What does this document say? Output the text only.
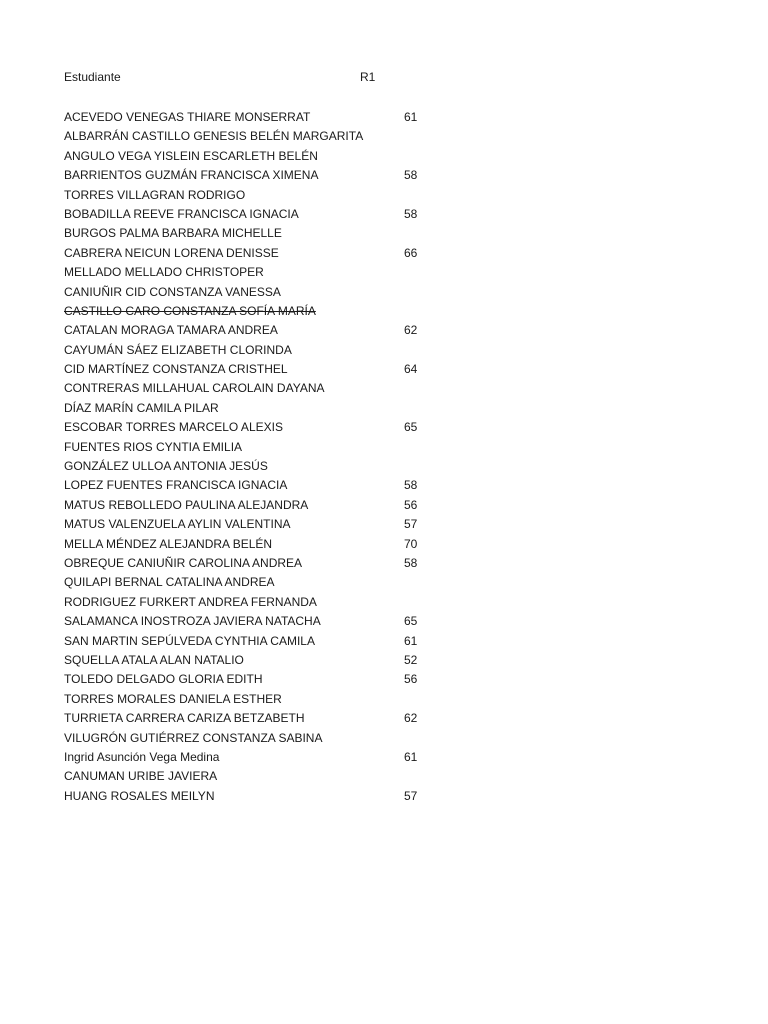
Estudiante	R1
ACEVEDO VENEGAS THIARE MONSERRAT	61
ALBARRÁN CASTILLO GENESIS BELÉN MARGARITA
ANGULO VEGA YISLEIN ESCARLETH BELÉN
BARRIENTOS GUZMÁN FRANCISCA XIMENA	58
TORRES VILLAGRAN RODRIGO
BOBADILLA REEVE FRANCISCA IGNACIA	58
BURGOS PALMA BARBARA MICHELLE
CABRERA NEICUN LORENA DENISSE	66
MELLADO MELLADO CHRISTOPER
CANIUÑIR CID CONSTANZA VANESSA
CASTILLO CARO CONSTANZA SOFÍA MARÍA
CATALAN MORAGA TAMARA ANDREA	62
CAYUMÁN SÁEZ ELIZABETH CLORINDA
CID MARTÍNEZ CONSTANZA CRISTHEL	64
CONTRERAS MILLAHUAL CAROLAIN DAYANA
DÍAZ MARÍN CAMILA PILAR
ESCOBAR TORRES MARCELO ALEXIS	65
FUENTES RIOS CYNTIA EMILIA
GONZÁLEZ ULLOA ANTONIA JESÚS
LOPEZ FUENTES FRANCISCA IGNACIA	58
MATUS REBOLLEDO PAULINA ALEJANDRA	56
MATUS VALENZUELA AYLIN VALENTINA	57
MELLA MÉNDEZ ALEJANDRA BELÉN	70
OBREQUE CANIUÑIR CAROLINA ANDREA	58
QUILAPI BERNAL CATALINA ANDREA
RODRIGUEZ FURKERT ANDREA FERNANDA
SALAMANCA INOSTROZA JAVIERA NATACHA	65
SAN MARTIN SEPÚLVEDA CYNTHIA CAMILA	61
SQUELLA ATALA ALAN NATALIO	52
TOLEDO DELGADO GLORIA EDITH	56
TORRES MORALES DANIELA ESTHER
TURRIETA CARRERA CARIZA BETZABETH	62
VILUGRÓN GUTIÉRREZ CONSTANZA SABINA
Ingrid Asunción Vega Medina	61
CANUMAN URIBE JAVIERA
HUANG ROSALES MEILYN	57
